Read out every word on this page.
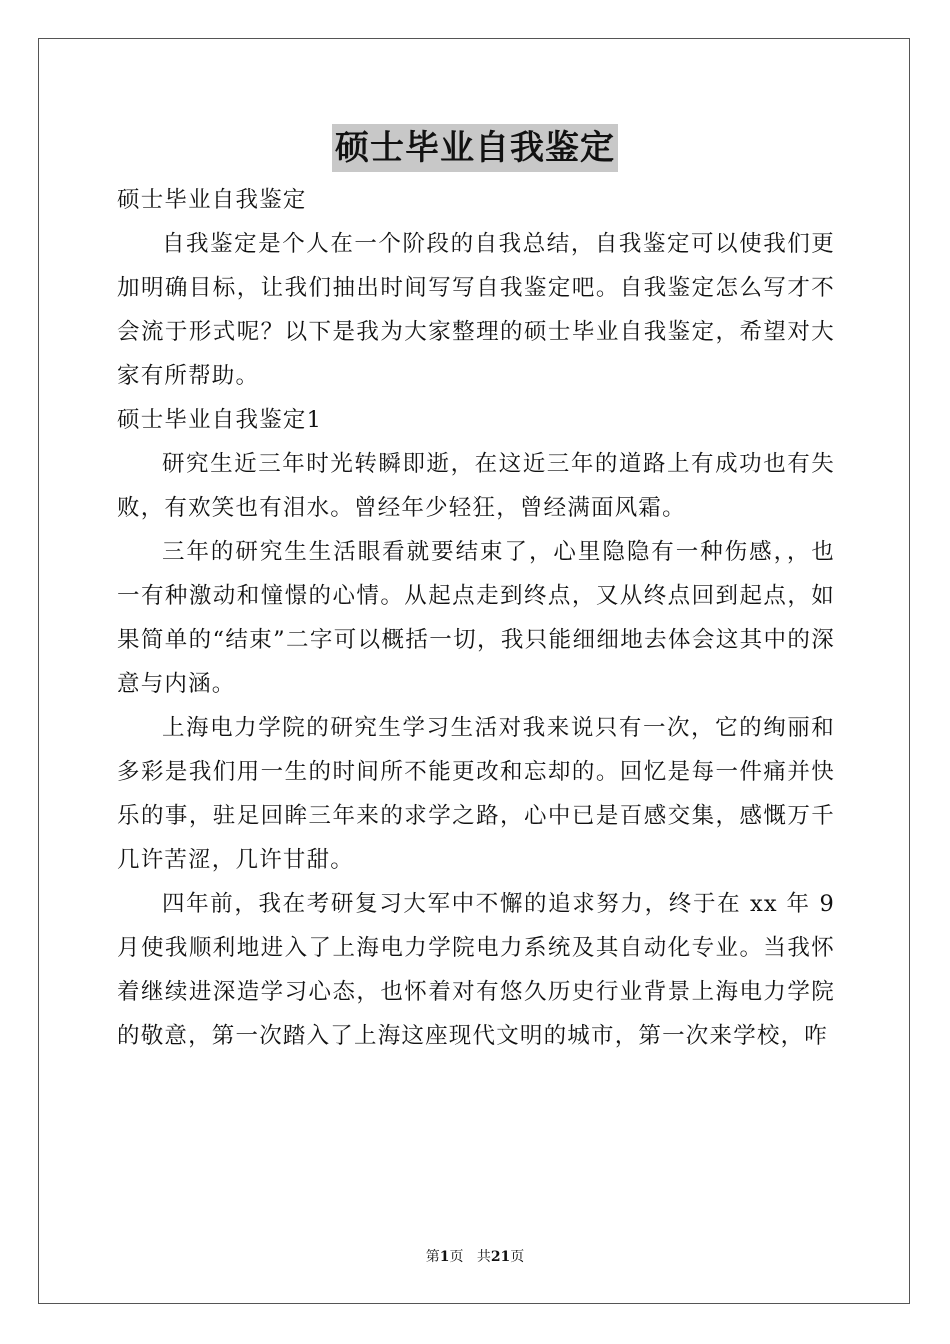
硕士毕业自我鉴定

硕士毕业自我鉴定

自我鉴定是个人在一个阶段的自我总结，自我鉴定可以使我们更加明确目标，让我们抽出时间写写自我鉴定吧。自我鉴定怎么写才不会流于形式呢？以下是我为大家整理的硕士毕业自我鉴定，希望对大家有所帮助。

硕士毕业自我鉴定1

研究生近三年时光转瞬即逝，在这近三年的道路上有成功也有失败，有欢笑也有泪水。曾经年少轻狂，曾经满面风霜。

三年的研究生生活眼看就要结束了，心里隐隐有一种伤感，，也一有种激动和憧憬的心情。从起点走到终点，又从终点回到起点，如果简单的“结束”二字可以概括一切，我只能细细地去体会这其中的深意与内涵。

上海电力学院的研究生学习生活对我来说只有一次，它的绚丽和多彩是我们用一生的时间所不能更改和忘却的。回忆是每一件痛并快乐的事，驻足回眸三年来的求学之路，心中已是百感交集，感慨万千几许苦涩，几许甘甜。

四年前，我在考研复习大军中不懈的追求努力，终于在 xx 年 9 月使我顺利地进入了上海电力学院电力系统及其自动化专业。当我怀着继续进深造学习心态，也怀着对有悠久历史行业背景上海电力学院的敬意，第一次踏入了上海这座现代文明的城市，第一次来学校，咋

第1页 共21页
